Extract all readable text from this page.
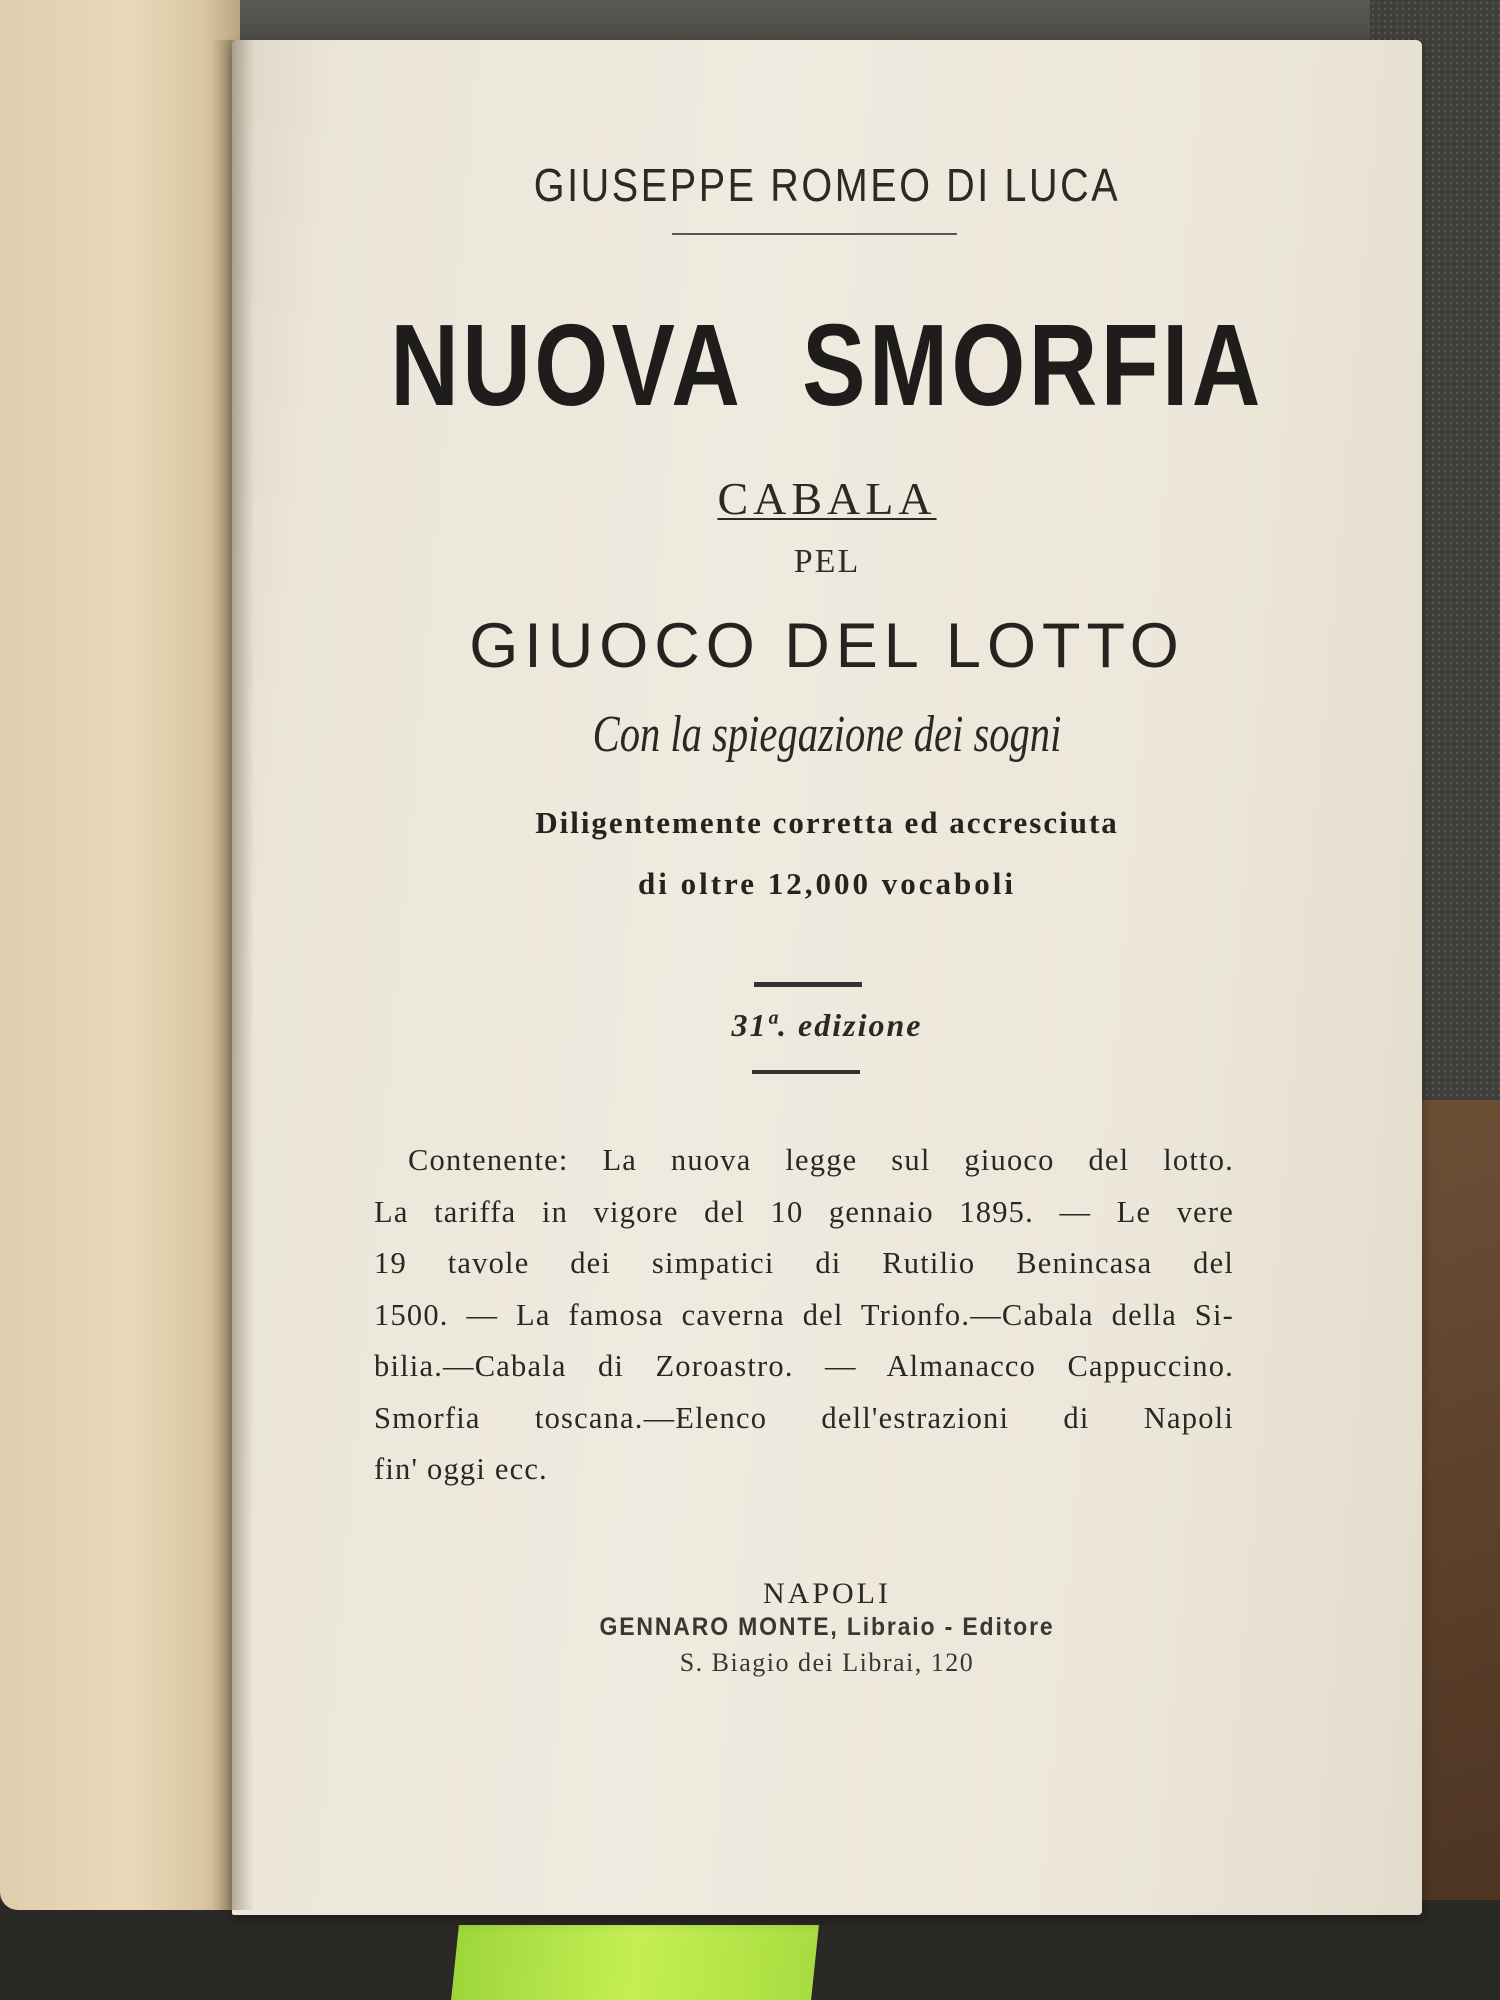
​
GIUSEPPE ROMEO DI LUCA
NUOVA SMORFIA
CABALA
PEL
GIUOCO DEL LOTTO
Con la spiegazione dei sogni
Diligentemente corretta ed accresciuta
di oltre 12,000 vocaboli
31ª. edizione
Contenente: La nuova legge sul giuoco del lotto.
La tariffa in vigore del 10 gennaio 1895. — Le vere
19 tavole dei simpatici di Rutilio Benincasa del
1500. — La famosa caverna del Trionfo.—Cabala della Si-
bilia.—Cabala di Zoroastro. — Almanacco Cappuccino.
Smorfia toscana.—Elenco dell'estrazioni di Napoli
fin' oggi ecc.
NAPOLI
GENNARO MONTE, Libraio - Editore
S. Biagio dei Librai, 120
